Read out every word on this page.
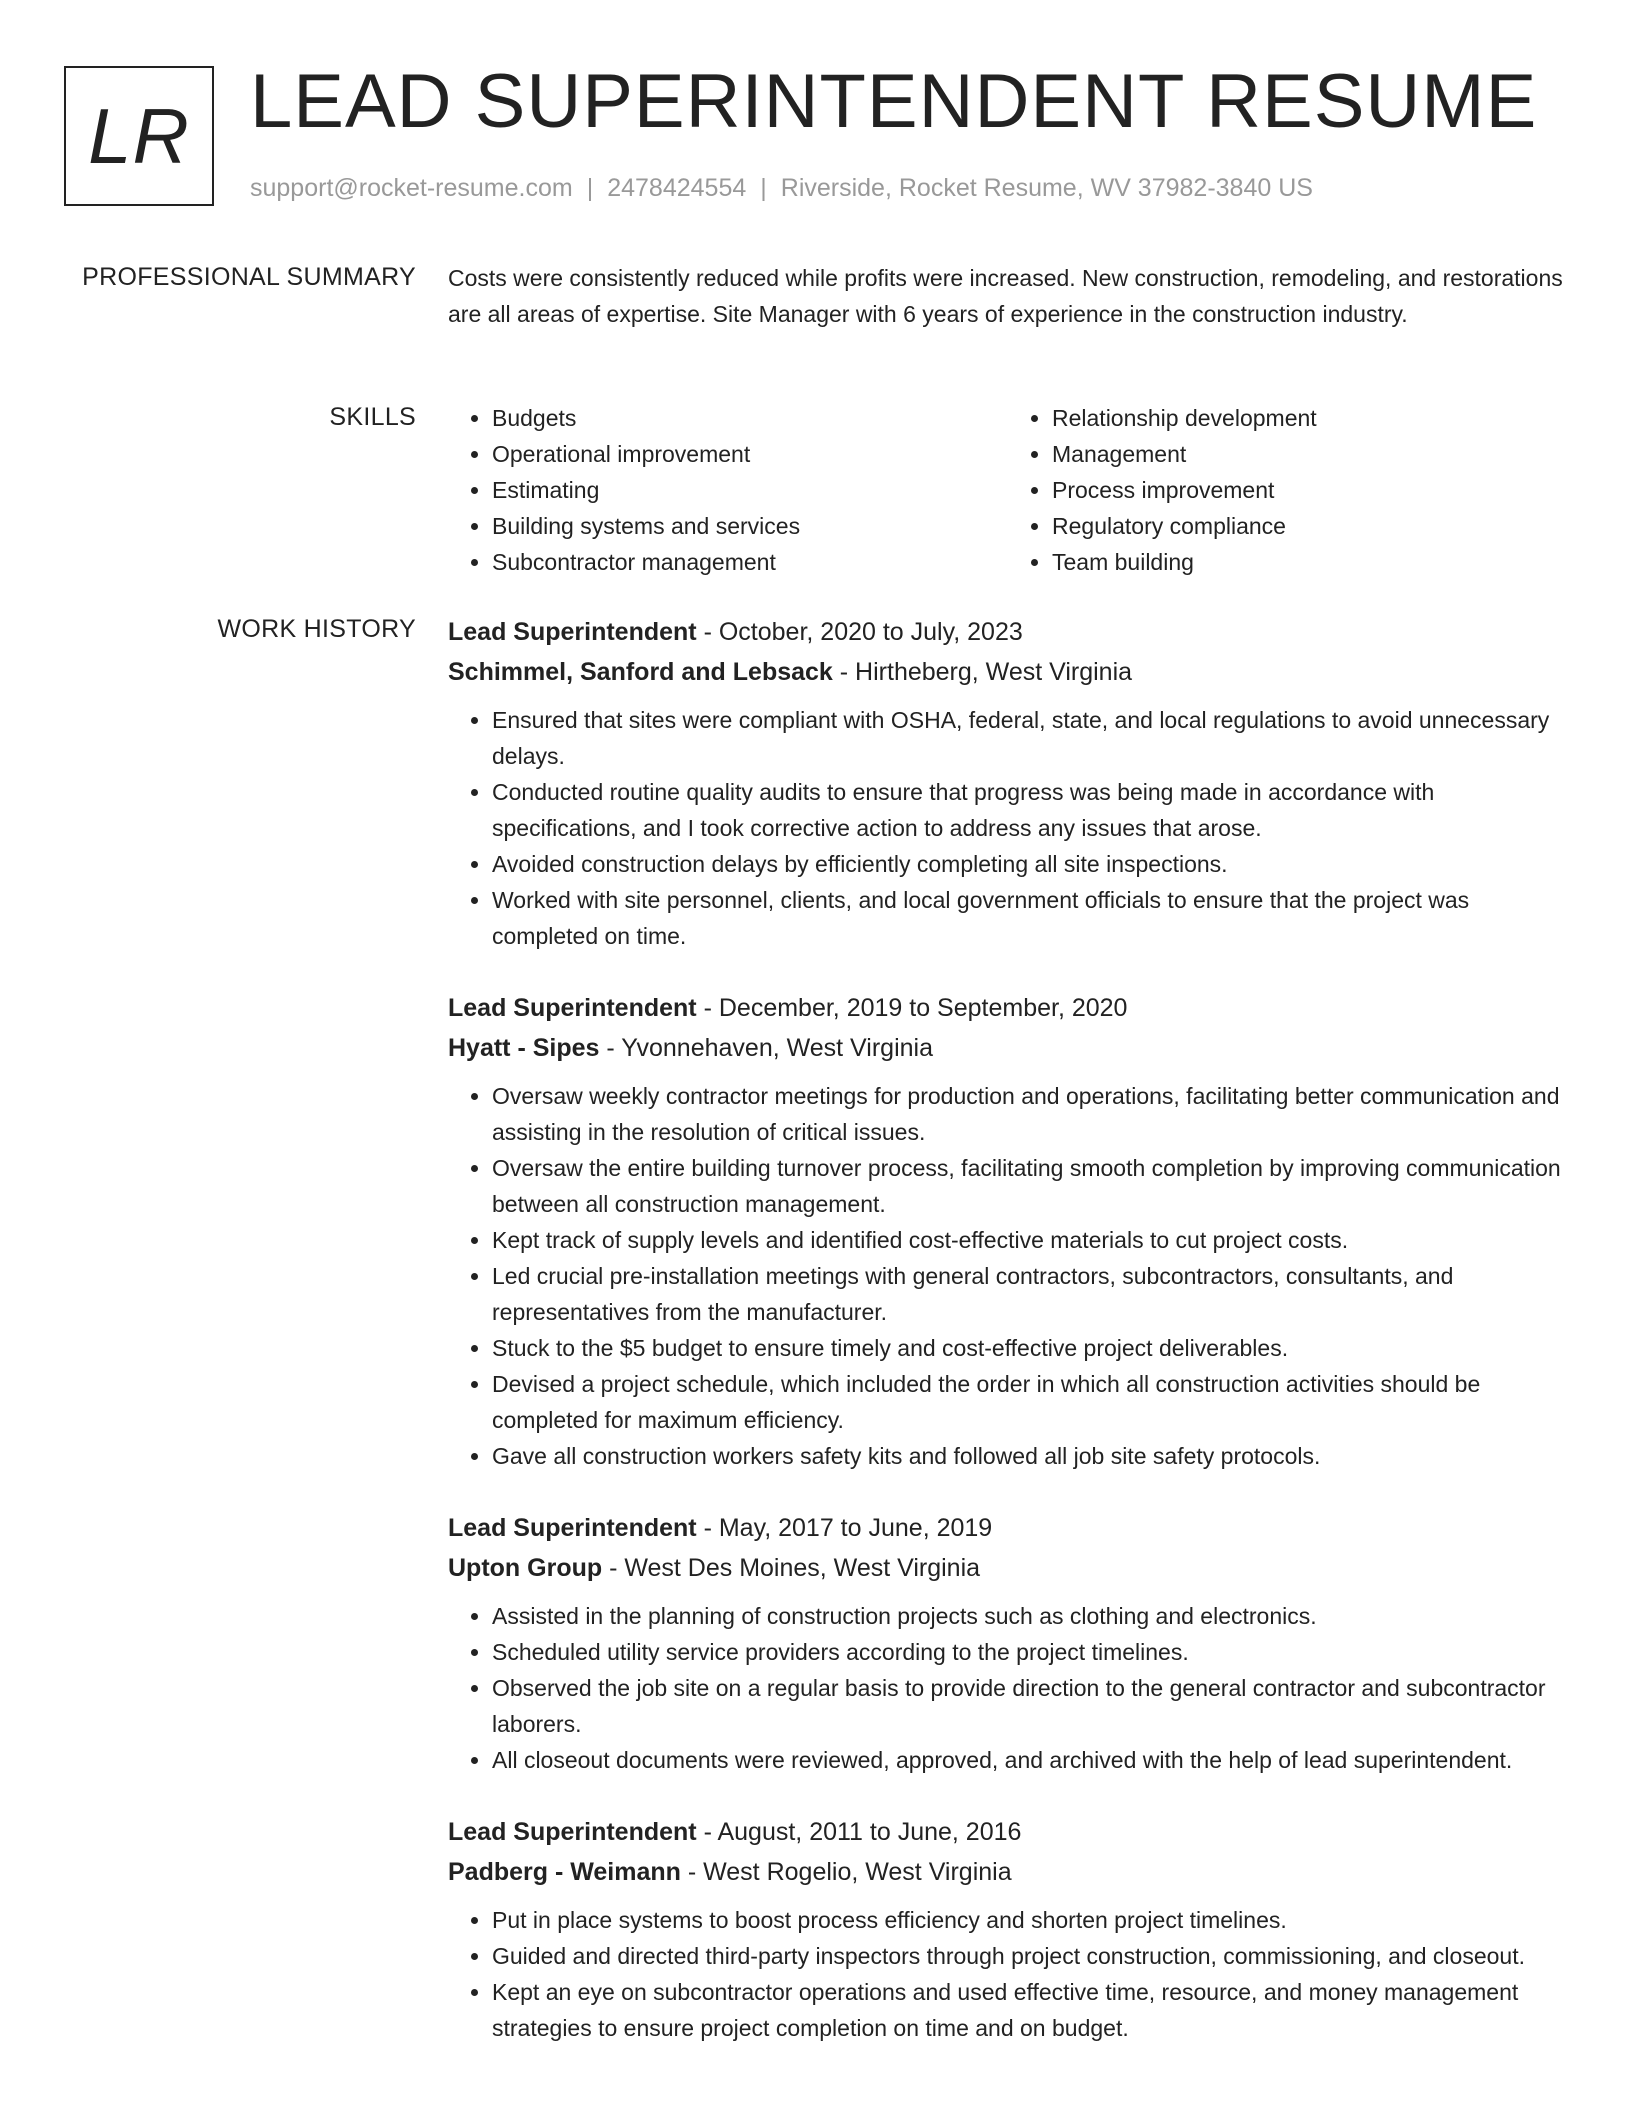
LR LEAD SUPERINTENDENT RESUME
support@rocket-resume.com | 2478424554 | Riverside, Rocket Resume, WV 37982-3840 US
PROFESSIONAL SUMMARY Costs were consistently reduced while profits were increased. New construction, remodeling, and restorations are all areas of expertise. Site Manager with 6 years of experience in the construction industry.

SKILLS
•	Budgets
• Operational improvement
• Estimating
• Building systems and services
• Subcontractor management
• Relationship development
• Management
• Process improvement
• Regulatory compliance
• Team building
WORK HISTORY Lead Superintendent - October, 2020 to July, 2023
Schimmel, Sanford and Lebsack - Hirtheberg, West Virginia
• Ensured that sites were compliant with OSHA, federal, state, and local regulations to avoid unnecessary delays.
• Conducted routine quality audits to ensure that progress was being made in accordance with specifications, and I took corrective action to address any issues that arose.
• Avoided construction delays by efficiently completing all site inspections.
• Worked with site personnel, clients, and local government officials to ensure that the project was completed on time.
Lead Superintendent - December, 2019 to September, 2020
Hyatt - Sipes - Yvonnehaven, West Virginia
• Oversaw weekly contractor meetings for production and operations, facilitating better communication and assisting in the resolution of critical issues.
• Oversaw the entire building turnover process, facilitating smooth completion by improving communication between all construction management.
• Kept track of supply levels and identified cost-effective materials to cut project costs.
• Led crucial pre-installation meetings with general contractors, subcontractors, consultants, and representatives from the manufacturer.
• Stuck to the $5 budget to ensure timely and cost-effective project deliverables.
• Devised a project schedule, which included the order in which all construction activities should be completed for maximum efficiency.
• Gave all construction workers safety kits and followed all job site safety protocols.
Lead Superintendent - May, 2017 to June, 2019
Upton Group - West Des Moines, West Virginia
• Assisted in the planning of construction projects such as clothing and electronics.
• Scheduled utility service providers according to the project timelines.
• Observed the job site on a regular basis to provide direction to the general contractor and subcontractor laborers.
• All closeout documents were reviewed, approved, and archived with the help of lead superintendent.
Lead Superintendent - August, 2011 to June, 2016
Padberg - Weimann - West Rogelio, West Virginia
• Put in place systems to boost process efficiency and shorten project timelines.
• Guided and directed third-party inspectors through project construction, commissioning, and closeout.
• Kept an eye on subcontractor operations and used effective time, resource, and money management strategies to ensure project completion on time and on budget.
